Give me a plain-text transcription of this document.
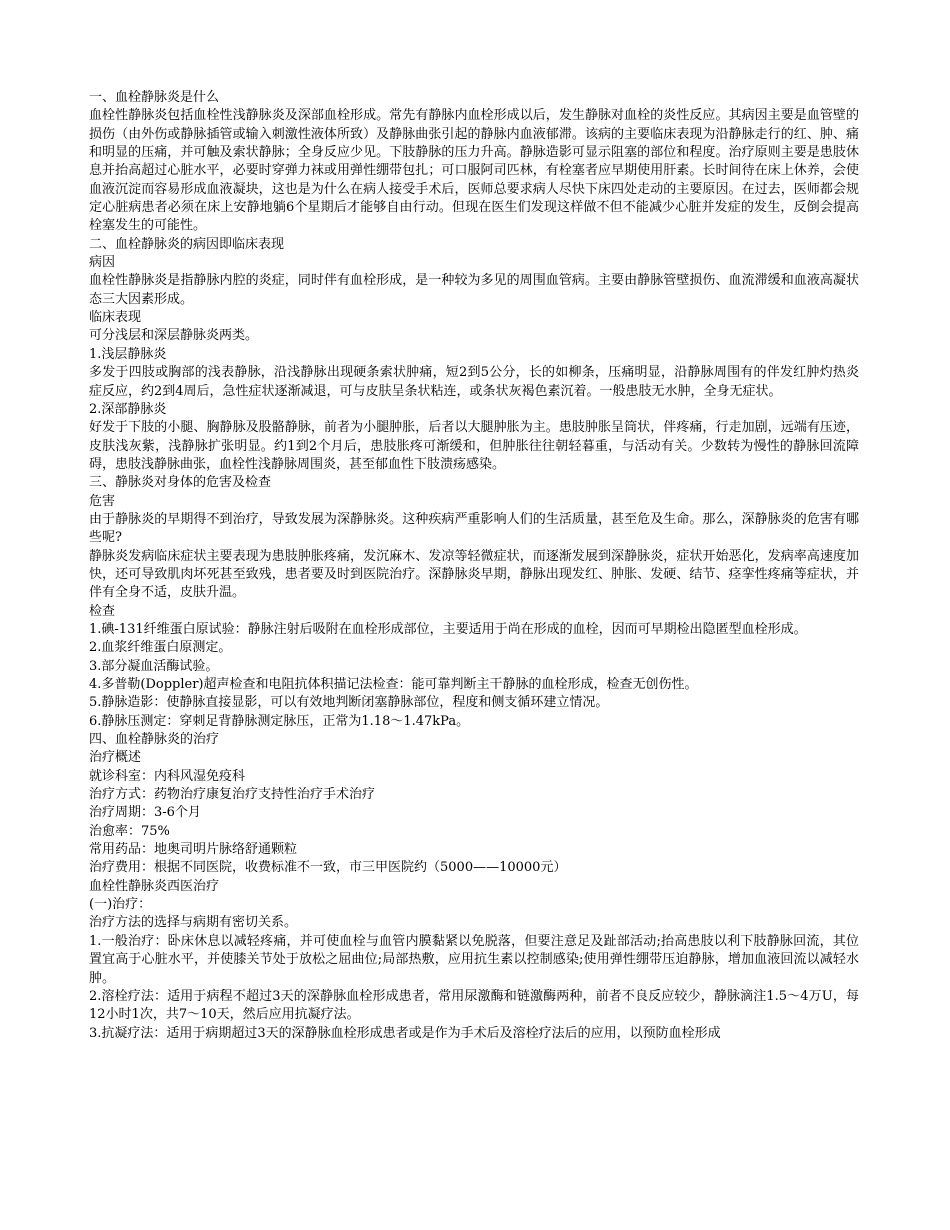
一、血栓静脉炎是什么

血栓性静脉炎包括血栓性浅静脉炎及深部血栓形成。常先有静脉内血栓形成以后，发生静脉对血栓的炎性反应。其病因主要是血管壁的损伤（由外伤或静脉插管或输入刺激性液体所致）及静脉曲张引起的静脉内血液郁滞。该病的主要临床表现为沿静脉走行的红、肿、痛和明显的压痛，并可触及索状静脉；全身反应少见。下肢静脉的压力升高。静脉造影可显示阻塞的部位和程度。治疗原则主要是患肢休息并抬高超过心脏水平，必要时穿弹力袜或用弹性绷带包扎；可口服阿司匹林，有栓塞者应早期使用肝素。长时间待在床上休养，会使血液沉淀而容易形成血液凝块，这也是为什么在病人接受手术后，医师总要求病人尽快下床四处走动的主要原因。在过去，医师都会规定心脏病患者必须在床上安静地躺6个星期后才能够自由行动。但现在医生们发现这样做不但不能减少心脏并发症的发生，反倒会提高栓塞发生的可能性。

二、血栓静脉炎的病因即临床表现

病因

血栓性静脉炎是指静脉内腔的炎症，同时伴有血栓形成，是一种较为多见的周围血管病。主要由静脉管壁损伤、血流滞缓和血液高凝状态三大因素形成。

临床表现

可分浅层和深层静脉炎两类。

1.浅层静脉炎

多发于四肢或胸部的浅表静脉，沿浅静脉出现硬条索状肿痛，短2到5公分，长的如柳条，压痛明显，沿静脉周围有的伴发红肿灼热炎症反应，约2到4周后，急性症状逐渐减退，可与皮肤呈条状粘连，或条状灰褐色素沉着。一般患肢无水肿，全身无症状。

2.深部静脉炎

好发于下肢的小腿、胸静脉及股骼静脉，前者为小腿肿胀，后者以大腿肿胀为主。患肢肿胀呈筒状，伴疼痛，行走加剧，远端有压迹，皮肤浅灰紫，浅静脉扩张明显。约1到2个月后，患肢胀疼可渐缓和，但肿胀往往朝轻暮重，与活动有关。少数转为慢性的静脉回流障碍，患肢浅静脉曲张，血栓性浅静脉周围炎，甚至郁血性下肢溃疡感染。

三、静脉炎对身体的危害及检查

危害

由于静脉炎的早期得不到治疗，导致发展为深静脉炎。这种疾病严重影响人们的生活质量，甚至危及生命。那么，深静脉炎的危害有哪些呢?

静脉炎发病临床症状主要表现为患肢肿胀疼痛，发沉麻木、发凉等轻微症状，而逐渐发展到深静脉炎，症状开始恶化，发病率高速度加快，还可导致肌肉坏死甚至致残，患者要及时到医院治疗。深静脉炎早期，静脉出现发红、肿胀、发硬、结节、痉挛性疼痛等症状，并伴有全身不适，皮肤升温。

检查

1.碘-131纤维蛋白原试验：静脉注射后吸附在血栓形成部位，主要适用于尚在形成的血栓，因而可早期检出隐匿型血栓形成。

2.血浆纤维蛋白原测定。

3.部分凝血活酶试验。

4.多普勒(Doppler)超声检查和电阻抗体积描记法检查：能可靠判断主干静脉的血栓形成，检查无创伤性。

5.静脉造影：使静脉直接显影，可以有效地判断闭塞静脉部位，程度和侧支循环建立情况。

6.静脉压测定：穿刺足背静脉测定脉压，正常为1.18～1.47kPa。

四、血栓静脉炎的治疗

治疗概述

就诊科室：内科风湿免疫科

治疗方式：药物治疗康复治疗支持性治疗手术治疗

治疗周期：3-6个月

治愈率：75%

常用药品：地奥司明片脉络舒通颗粒

治疗费用：根据不同医院，收费标准不一致，市三甲医院约（5000——10000元）

血栓性静脉炎西医治疗

(一)治疗：

治疗方法的选择与病期有密切关系。

1.一般治疗：卧床休息以减轻疼痛，并可使血栓与血管内膜黏紧以免脱落，但要注意足及趾部活动;抬高患肢以利下肢静脉回流，其位置宜高于心脏水平，并使膝关节处于放松之屈曲位;局部热敷，应用抗生素以控制感染;使用弹性绷带压迫静脉，增加血液回流以减轻水肿。

2.溶栓疗法：适用于病程不超过3天的深静脉血栓形成患者，常用尿激酶和链激酶两种，前者不良反应较少，静脉滴注1.5～4万U，每12小时1次，共7～10天，然后应用抗凝疗法。

3.抗凝疗法：适用于病期超过3天的深静脉血栓形成患者或是作为手术后及溶栓疗法后的应用，以预防血栓形成
